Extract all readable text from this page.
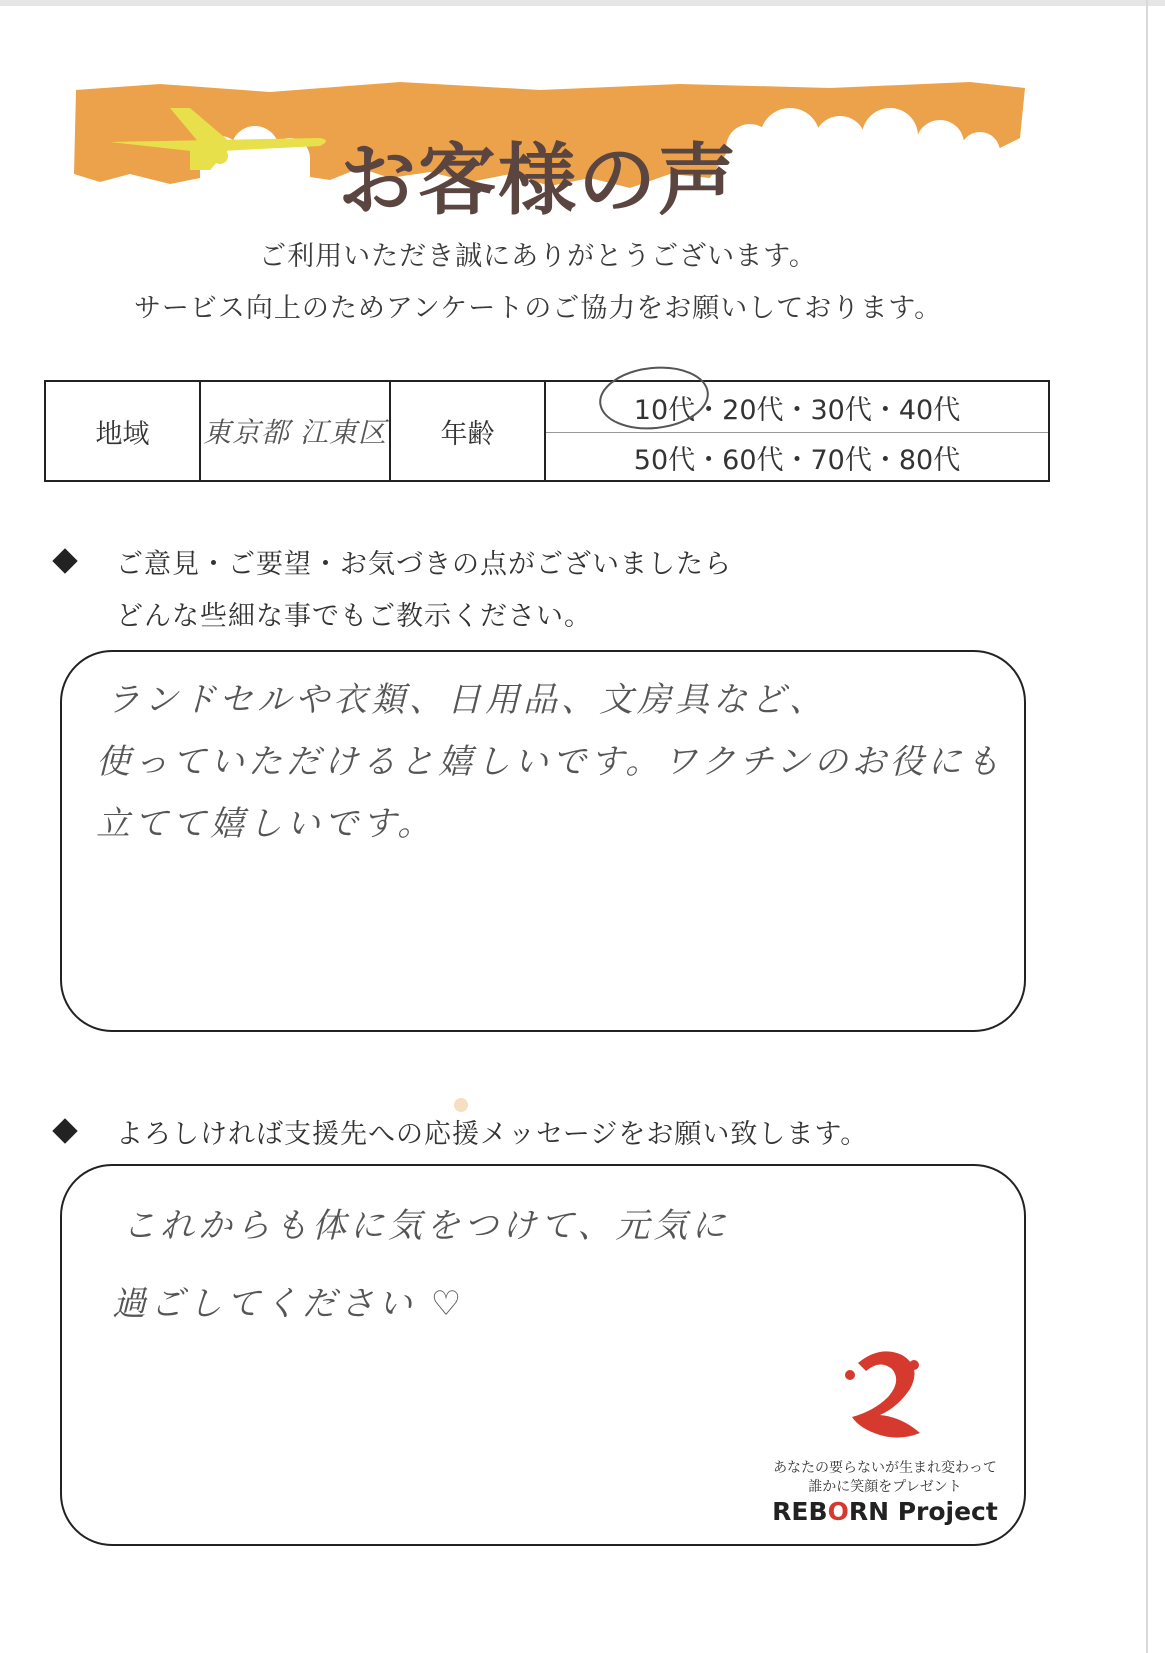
お客様の声
ご利用いただき誠にありがとうございます。
サービス向上のためアンケートのご協力をお願いしております。
地域 東京都 江東区 年齢
10代・20代・30代・40代
50代・60代・70代・80代
ご意見・ご要望・お気づきの点がございましたら
どんな些細な事でもご教示ください。
ランドセルや衣類、日用品、文房具など、
使っていただけると嬉しいです。ワクチンのお役にも
立てて嬉しいです。
よろしければ支援先への応援メッセージをお願い致します。
これからも体に気をつけて、元気に
過ごしてください ♡
あなたの要らないが生まれ変わって
誰かに笑顔をプレゼント
REBORN Project
